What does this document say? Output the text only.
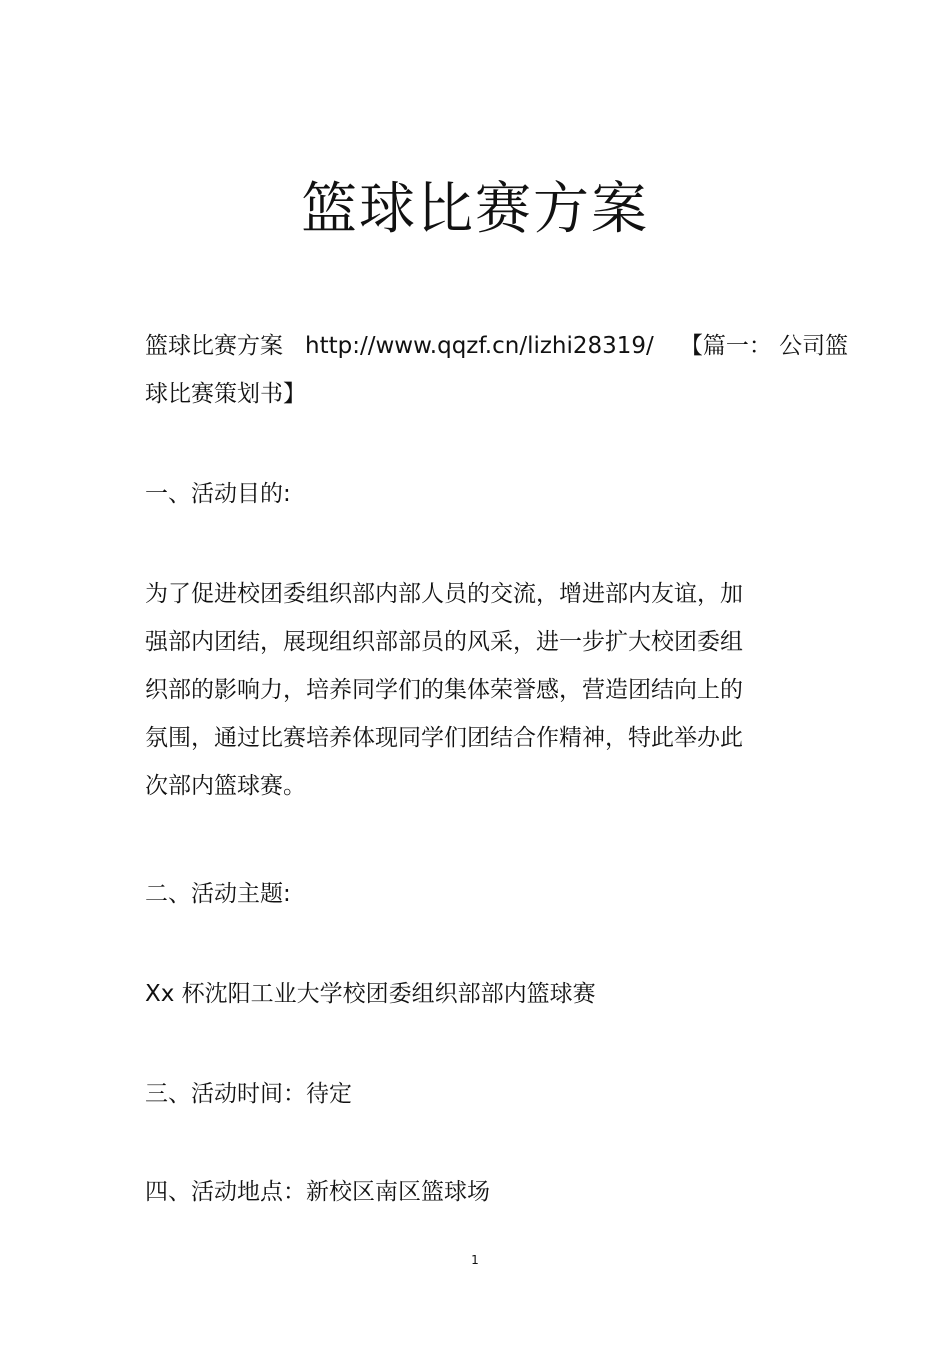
篮球比赛方案

篮球比赛方案 http://www.qqzf.cn/lizhi28319/ 【篇一： 公司篮
球比赛策划书】

一、活动目的:

为了促进校团委组织部内部人员的交流，增进部内友谊，加
强部内团结，展现组织部部员的风采，进一步扩大校团委组
织部的影响力，培养同学们的集体荣誉感，营造团结向上的
氛围，通过比赛培养体现同学们团结合作精神，特此举办此
次部内篮球赛。

二、活动主题:

Xx 杯沈阳工业大学校团委组织部部内篮球赛

三、活动时间：待定

四、活动地点：新校区南区篮球场

1
